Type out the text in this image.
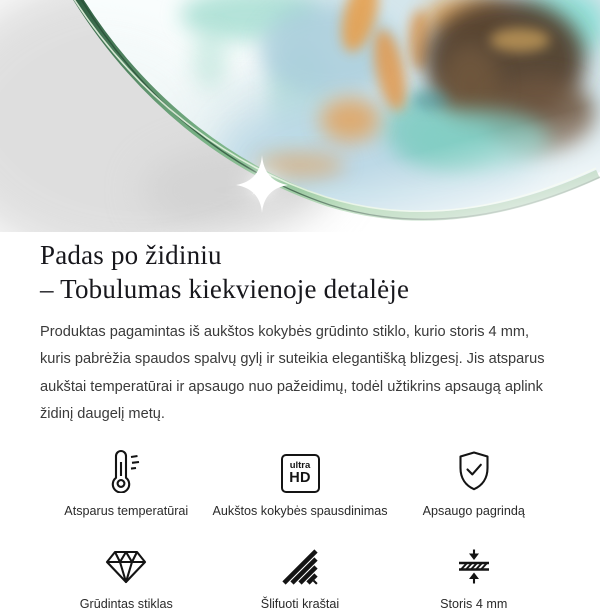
Padas po židiniu
– Tobulumas kiekvienoje detalėje

Produktas pagamintas iš aukštos kokybės grūdinto stiklo, kurio storis 4 mm, kuris pabrėžia spaudos spalvų gylį ir suteikia elegantišką blizgesį. Jis atsparus aukštai temperatūrai ir apsaugo nuo pažeidimų, todėl užtikrins apsaugą aplink židinį daugelį metų.

Atsparus temperatūrai
ultra
HD
Aukštos kokybės spausdinimas	Apsaugo pagrindą
Grūdintas stiklas	Šlifuoti kraštai	Storis 4 mm
